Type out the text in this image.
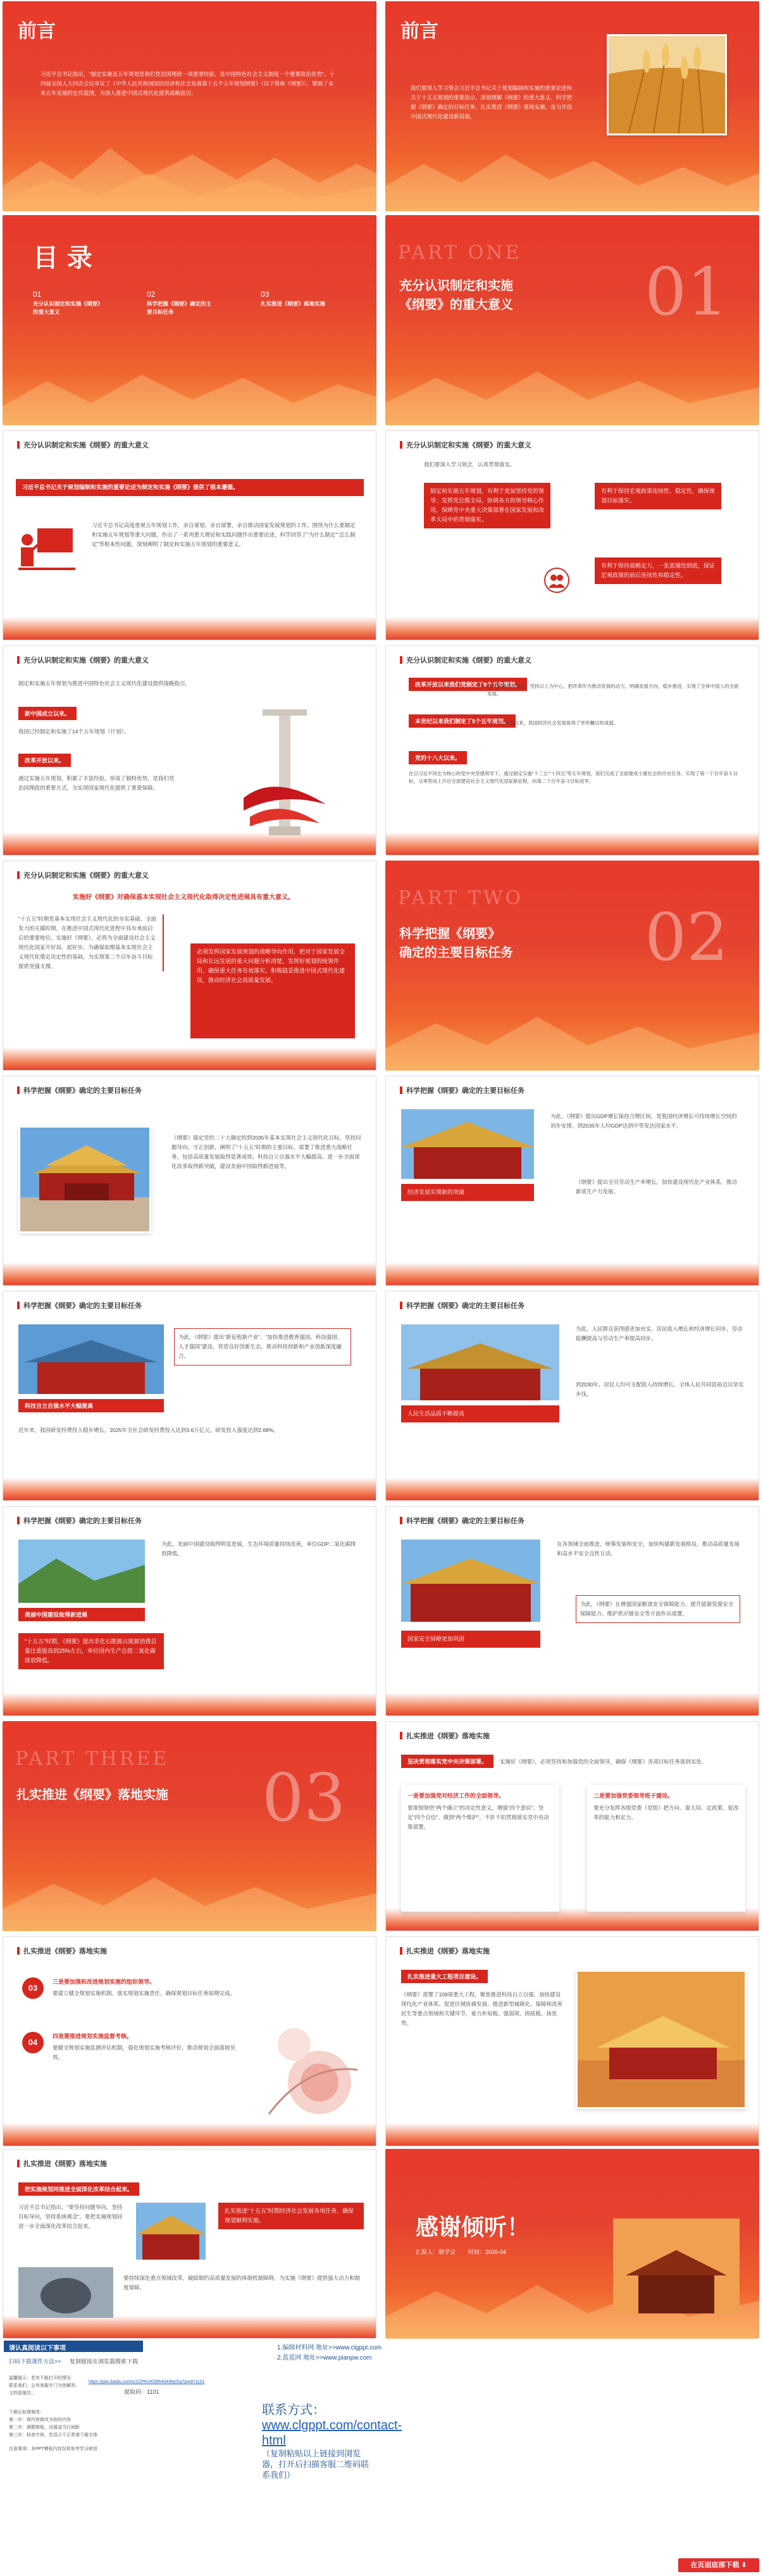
前言
习近平总书记指出，“制定实施及五年规划是我们党治国理政一项重要经验，是中国特色社会主义制度一个重要政治优势”。十四届全国人大四次会议审议了《中华人民共和国国民经济和社会发展第十五个五年规划纲要》（以下简称《纲要》），擘画了未来五年发展的宏伟蓝图，为深入推进中国式现代化提供战略指引。
前言
我们要深入学习领会习近平总书记关于规划编制和实施的重要论述和关于十五五规划的重要指示，深刻理解《纲要》的重大意义、科学把握《纲要》确定的目标任务、扎实推进《纲要》落地实施，奋力开创中国式现代化建设新局面。
目 录
01
充分认识制定和实施《纲要》的重大意义
02
科学把握《纲要》确定的主要目标任务
03
扎实推进《纲要》落地实施
PART ONE
充分认识制定和实施
《纲要》的重大意义 01
充分认识制定和实施《纲要》的重大意义
习近平总书记关于规划编制和实施的重要论述为制定和实施《纲要》提供了根本遵循。
习近平总书记高度重视五年规划工作，亲自谋划、亲自部署，亲自推动国家发展规划的工作。围绕为什么要制定和实施五年规划等重大问题，作出了一系列重大理论和实践问题作出重要论述，科学回答了“为什么制定”“怎么制定”等根本性问题，深刻阐明了制定和实施五年规划的重要意义。
充分认识制定和实施《纲要》的重大意义
我们要深入学习领会，认真贯彻落实。
制定和实施五年规划，有利于更加坚持党的领导、发挥党总揽全局、协调各方的领导核心作用，保障党中央重大决策部署在国家发展和改革大局中的贯彻落实。
有利于保持宏观政策连续性、稳定性，确保规划目标落实。
有利于保持战略定力，一张蓝图绘到底，保证宏观政策的前后连续性和稳定性。
充分认识制定和实施《纲要》的重大意义
制定和实施五年规划为推进中国特色社会主义现代化建设提供战略指引。
新中国成立以来。
我国已经制定和实施了14个五年规划（计划）。
改革开放以来。
通过实施五年规划，积累了丰富经验，形成了独特优势，是我们党治国理政的重要方式，为实现国家现代化提供了重要保障。
充分认识制定和实施《纲要》的重大意义
改革开放以来我们党制定了9个五年规划。
以经济建设为中心，坚持以人为中心，把改革作为推动发展的动力，明确发展方向，稳步推进，实现了全体中国人的全面发展。
本世纪以来我们制定了5个五年规划。
“十一五”规划以来，我国经济社会发展取得了举世瞩目的成就。
党的十八大以来。
在以习近平同志为核心的党中央坚强领导下，通过制定实施“十三五”“十四五”等五年规划，我们完成了全面建成小康社会的历史任务，实现了第一个百年奋斗目标，又乘势而上开启全面建设社会主义现代化国家新征程，向第二个百年奋斗目标进军。
充分认识制定和实施《纲要》的重大意义
实施好《纲要》对确保基本实现社会主义现代化取得决定性进展具有重大意义。
“十五五”时期是基本实现社会主义现代化的夯实基础、全面发力的关键时期，在推进中国式现代化进程中具有承前启后的重要地位。实施好《纲要》，必将为全面建设社会主义现代化国家开好局、起好步，为确保如期基本实现社会主义现代化奠定决定性的基础，为实现第二个百年奋斗目标提供坚强支撑。
必须发挥国家发展规划的战略导向作用，把对于国家发展全局和长远发展的重大问题分析清楚，发挥好规划的统领作用，确保重大任务有效落实，积极稳妥推进中国式现代化建设，推动经济社会高质量发展。
PART TWO
科学把握《纲要》
确定的主要目标任务 02
科学把握《纲要》确定的主要目标任务
《纲要》锚定党的二十大确定的到2035年基本实现社会主义现代化目标，坚持问题导向、守正创新，阐明了“十五五”时期的主要目标，部署了推进重大战略任务，包括高质量发展取得显著成效、科技自立自强水平大幅提高、进一步全面深化改革取得新突破，建设美丽中国取得新进展等。
科学把握《纲要》确定的主要目标任务
经济发展实现新的突破
为此，《纲要》提出GDP增长保持合理区间，是我国经济增长可持续增长空间的初步安排，到2035年人均GDP达到中等发达国家水平。
《纲要》提出全员劳动生产率增长，加快建设现代化产业体系，推动新质生产力发展。
科学把握《纲要》确定的主要目标任务
科技自立自强水平大幅提高
为此，《纲要》提出“新征程新产业”、“加快推进教育强国、科技强国、人才强国”建设，营造良好创新生态，推动科技创新和产业创新深度融合。
近年来，我国研发经费投入稳步增长，2025年全社会研发经费投入达到3.6万亿元，研发投入强度达到2.68%。
科学把握《纲要》确定的主要目标任务
人民生活品质不断提高
为此，人民群众获得感更加充实，居民收入增长和经济增长同步，劳动报酬提高与劳动生产率提高同步。
到2030年，居民人均可支配收入持续增长，全体人民共同富裕迈出坚实步伐。
科学把握《纲要》确定的主要目标任务
美丽中国建设取得新进展
为此，美丽中国建设取得明显进展，生态环境质量持续改善，单位GDP二氧化碳排放降低。
“十五五”时期，《纲要》提出非化石能源占能源消费总量比重提高到25%左右，单位国内生产总值二氧化碳排放降低。
科学把握《纲要》确定的主要目标任务
国家安全屏障更加巩固
在各领域全面推进，统筹发展和安全，加快构建新发展格局，推动高质量发展和高水平安全良性互动。
为此，《纲要》在增强国家粮食安全保障能力、提升能源资源安全保障能力、维护供应链安全等方面作出部署。
PART THREE
扎实推进《纲要》落地实施 03
扎实推进《纲要》落地实施
坚决贯彻落实党中央决策部署。	实施好《纲要》，必须坚持和加强党的全面领导，确保《纲要》各项目标任务落到实处。
一是要加强党对经济工作的全面领导。
要深刻领悟“两个确立”的决定性意义，增强“四个意识”、坚定“四个自信”、做到“两个维护”，不折不扣贯彻落实党中央决策部署。
二是要加强党委领导班子建设。
要充分发挥各级党委（党组）把方向、谋大局、定政策、促改革的能力和定力。
扎实推进《纲要》落地实施
03
三是要加强和改进规划实施的组织领导。
要建立健全规划实施机制，落实规划实施责任，确保规划目标任务如期完成。
04
四是要推进规划实施监督考核。
要健全规划实施监测评估机制，强化规划实施考核评价，推动规划全面落地见效。
扎实推进《纲要》落地实施
扎实推进重大工程项目建设。
《纲要》部署了109项重大工程，聚焦推进科技自立自强、加快建设现代化产业体系、促进区域协调发展、推进新型城镇化、保障和改善民生等重点领域和关键环节，着力补短板、强弱项、固底板、扬优势。
扎实推进《纲要》落地实施
把实施规划同推进全面深化改革结合起来。
习近平总书记指出，“要坚持问题导向，坚持目标导向，坚持系统观念”。要把实施规划同进一步全面深化改革结合起来。
扎实推进“十五五”时期经济社会发展各项任务，确保规划顺利实施。
要持续深化重点领域改革，破除制约高质量发展的体制机制障碍，为实施《纲要》提供强大动力和制度保障。
感谢倾听！
汇报人：敬学会 时间：2026-04
请认真阅读以下事项
扫码下载课件方法>> 复制链接在浏览器搜索下载
温馨提示：若有不能打开的情况
联系我们，会有客服专门为您解答。
文档管理员...
https://pan.baidu.com/s/1CPKcR2l8h43498ylSq7pwd=1101
提取码：1101
下载后如需修改：
第一步：将内容修改为你的内容
第二步：调整排版，设置适当行间距
第三步：检查字体，若显示不正常请下载字体
注意事项：本PPT模板内容仅供参考学习使用
1.编辑材料网 地址>>www.clgppt.com
2.蓝蓝网 地址>>www.pianpw.com
联系方式：
www.clgppt.com/contact-html
（复制粘贴以上链接到浏览器，打开后扫描客服二维码联系我们）
在页面底部下载 ⬇
